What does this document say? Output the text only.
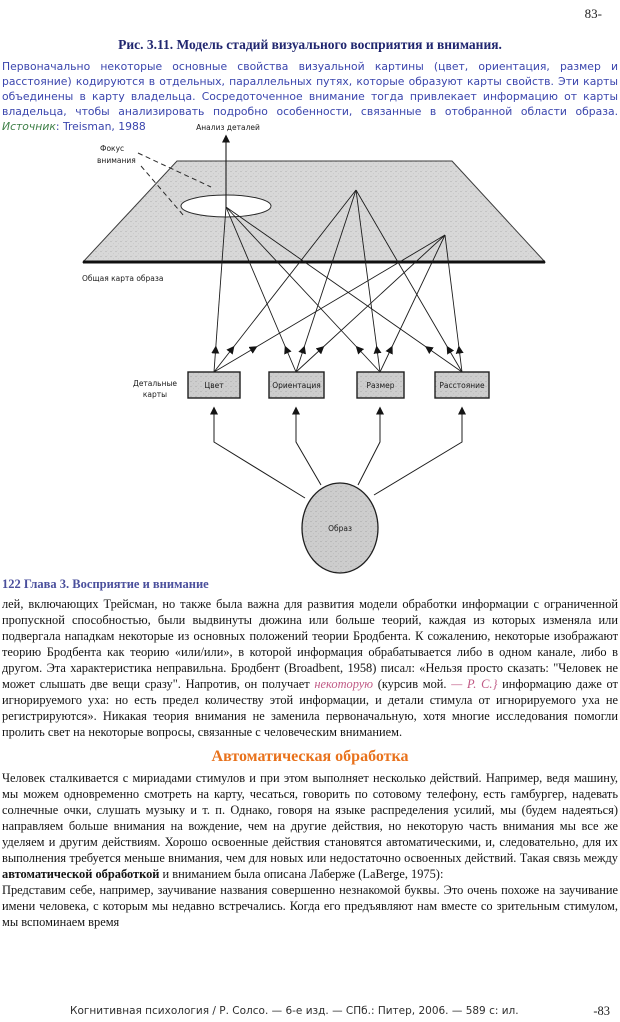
83-
Рис. 3.11. Модель стадий визуального восприятия и внимания.
Первоначально некоторые основные свойства визуальной картины (цвет, ориентация, размер и расстояние) кодируются в отдельных, параллельных путях, которые образуют карты свойств. Эти карты объединены в карту владельца. Сосредоточенное внимание тогда привлекает информацию от карты владельца, чтобы анализировать подробно особенности, связанные в отобранной области образа. Источник: Treisman, 1988	Анализ деталей
Фокус
внимания
Общая карта образа
Цвет	Ориентация	Размер	Расстояние
Детальные
карты
Образ
122 Глава 3. Восприятие и внимание

лей, включающих Трейсман, но также была важна для развития модели обработки информации с ограниченной пропускной способностью, были выдвинуты дюжина или больше теорий, каждая из которых изменяла или подвергала нападкам некоторые из основных положений теории Бродбента. К сожалению, некоторые изображают теорию Бродбента как теорию «или/или», в которой информация обрабатывается либо в одном канале, либо в другом. Эта характеристика неправильна. Бродбент (Broadbent, 1958) писал: «Нельзя просто сказать: "Человек не может слышать две вещи сразу". Напротив, он получает некоторую (курсив мой. — Р. С.} информацию даже от игнорируемого уха: но есть предел количеству этой информации, и детали стимула от игнорируемого уха не регистрируются». Никакая теория внимания не заменила первоначальную, хотя многие исследования помогли пролить свет на некоторые вопросы, связанные с человеческим вниманием.

Автоматическая обработка

Человек сталкивается с мириадами стимулов и при этом выполняет несколько действий. Например, ведя машину, мы можем одновременно смотреть на карту, чесаться, говорить по сотовому телефону, есть гамбургер, надевать солнечные очки, слушать музыку и т. п. Однако, говоря на языке распределения усилий, мы (будем надеяться) направляем больше внимания на вождение, чем на другие действия, но некоторую часть внимания мы все же уделяем и другим действиям. Хорошо освоенные действия становятся автоматическими, и, следовательно, для их выполнения требуется меньше внимания, чем для новых или недостаточно освоенных действий. Такая связь между автоматической обработкой и вниманием была описана Лаберже (LaBerge, 1975):

Представим себе, например, заучивание названия совершенно незнакомой буквы. Это очень похоже на заучивание имени человека, с которым мы недавно встречались. Когда его предъявляют нам вместе со зрительным стимулом, мы вспоминаем время

Когнитивная психология / Р. Солсо. — 6-е изд. — СПб.: Питер, 2006. — 589 с: ил.	-83
